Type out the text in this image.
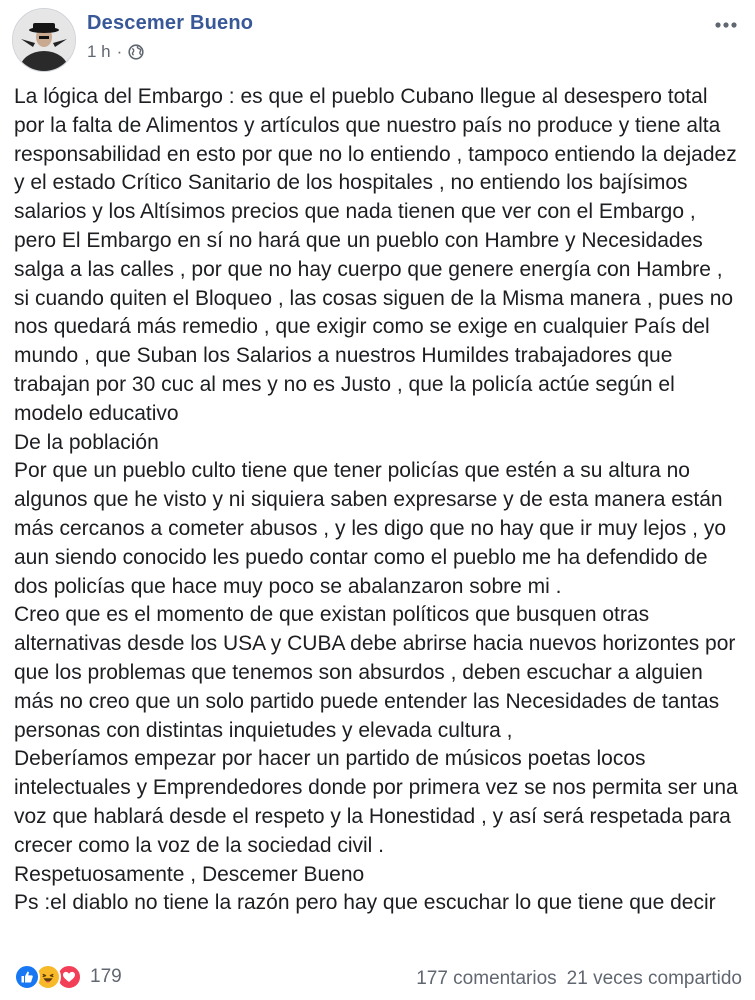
Descemer Bueno
1 h ·

La lógica del Embargo : es que el pueblo Cubano llegue al desespero total por la falta de Alimentos y artículos que nuestro país no produce y tiene alta responsabilidad en esto por que no lo entiendo , tampoco entiendo la dejadez y el estado Crítico Sanitario de los hospitales , no entiendo los bajísimos salarios y los Altísimos precios que nada tienen que ver con el Embargo , pero El Embargo en sí no hará que un pueblo con Hambre y Necesidades salga a las calles , por que no hay cuerpo que genere energía con Hambre , si cuando quiten el Bloqueo , las cosas siguen de la Misma manera , pues no nos quedará más remedio , que exigir como se exige en cualquier País del mundo , que Suban los Salarios a nuestros Humildes trabajadores que trabajan por 30 cuc al mes y no es Justo , que la policía actúe según el modelo educativo

De la población

Por que un pueblo culto tiene que tener policías que estén a su altura no algunos que he visto y ni siquiera saben expresarse y de esta manera están más cercanos a cometer abusos , y les digo que no hay que ir muy lejos , yo aun siendo conocido les puedo contar como el pueblo me ha defendido de dos policías que hace muy poco se abalanzaron sobre mi .

Creo que es el momento de que existan políticos que busquen otras alternativas desde los USA y CUBA debe abrirse hacia nuevos horizontes por que los problemas que tenemos son absurdos , deben escuchar a alguien más no creo que un solo partido puede entender las Necesidades de tantas personas con distintas inquietudes y elevada cultura ,

Deberíamos empezar por hacer un partido de músicos poetas locos intelectuales y Emprendedores donde por primera vez se nos permita ser una voz que hablará desde el respeto y la Honestidad , y así será respetada para crecer como la voz de la sociedad civil .

Respetuosamente , Descemer Bueno

Ps :el diablo no tiene la razón pero hay que escuchar lo que tiene que decir

179	177 comentarios 21 veces compartido
